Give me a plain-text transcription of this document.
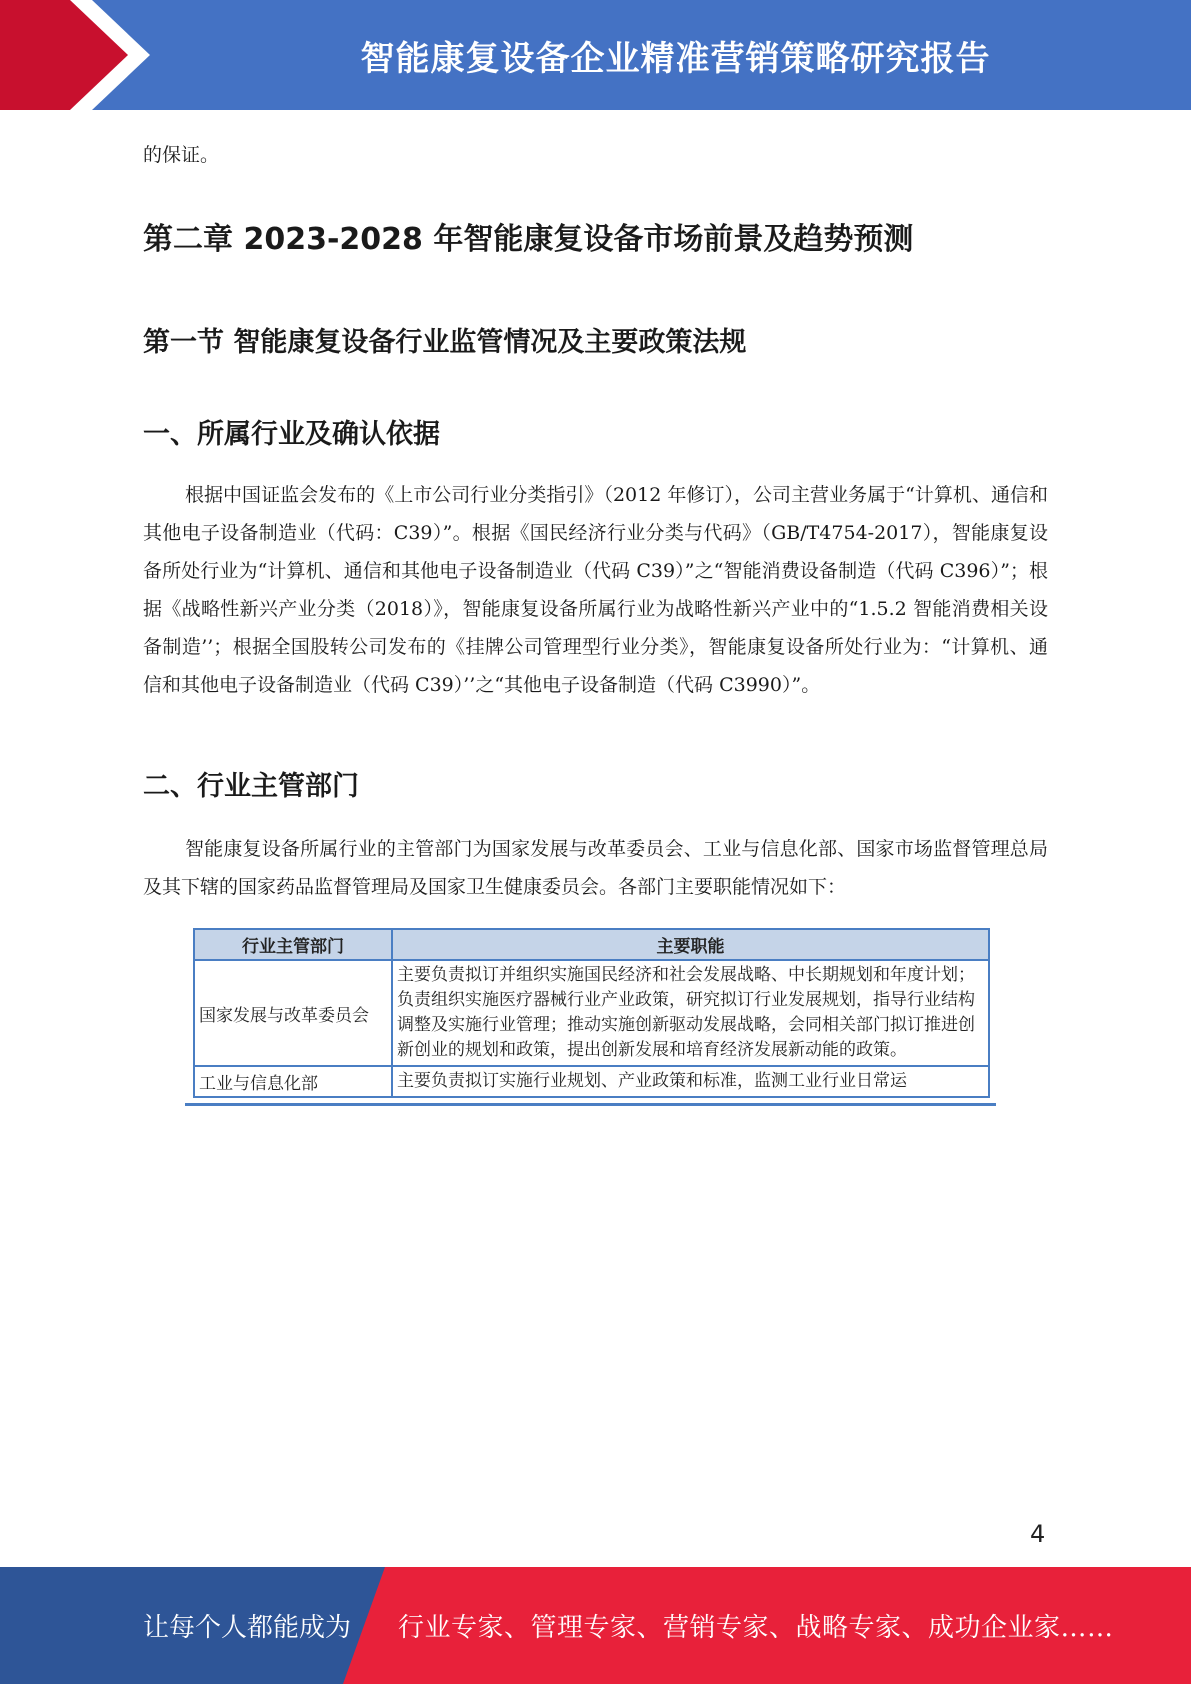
智能康复设备企业精准营销策略研究报告

的保证。

第二章 2023-2028 年智能康复设备市场前景及趋势预测
第一节 智能康复设备行业监管情况及主要政策法规
一、所属行业及确认依据

根据中国证监会发布的《上市公司行业分类指引》（2012 年修订），公司主营业务属于“计算机、通信和其他电子设备制造业（代码：C39）”。根据《国民经济行业分类与代码》（GB/T4754-2017），智能康复设备所处行业为“计算机、通信和其他电子设备制造业（代码 C39）”之“智能消费设备制造（代码 C396）”；根据《战略性新兴产业分类（2018）》，智能康复设备所属行业为战略性新兴产业中的“1.5.2 智能消费相关设备制造’’；根据全国股转公司发布的《挂牌公司管理型行业分类》，智能康复设备所处行业为：“计算机、通信和其他电子设备制造业（代码 C39）’’之“其他电子设备制造（代码 C3990）”。

二、行业主管部门

智能康复设备所属行业的主管部门为国家发展与改革委员会、工业与信息化部、国家市场监督管理总局及其下辖的国家药品监督管理局及国家卫生健康委员会。各部门主要职能情况如下：

行业主管部门	主要职能
国家发展与改革委员会	主要负责拟订并组织实施国民经济和社会发展战略、中长期规划和年度计划；负责组织实施医疗器械行业产业政策，研究拟订行业发展规划，指导行业结构调整及实施行业管理；推动实施创新驱动发展战略，会同相关部门拟订推进创新创业的规划和政策，提出创新发展和培育经济发展新动能的政策。
工业与信息化部	主要负责拟订实施行业规划、产业政策和标准，监测工业行业日常运
4
让每个人都能成为 行业专家、管理专家、营销专家、战略专家、成功企业家……
